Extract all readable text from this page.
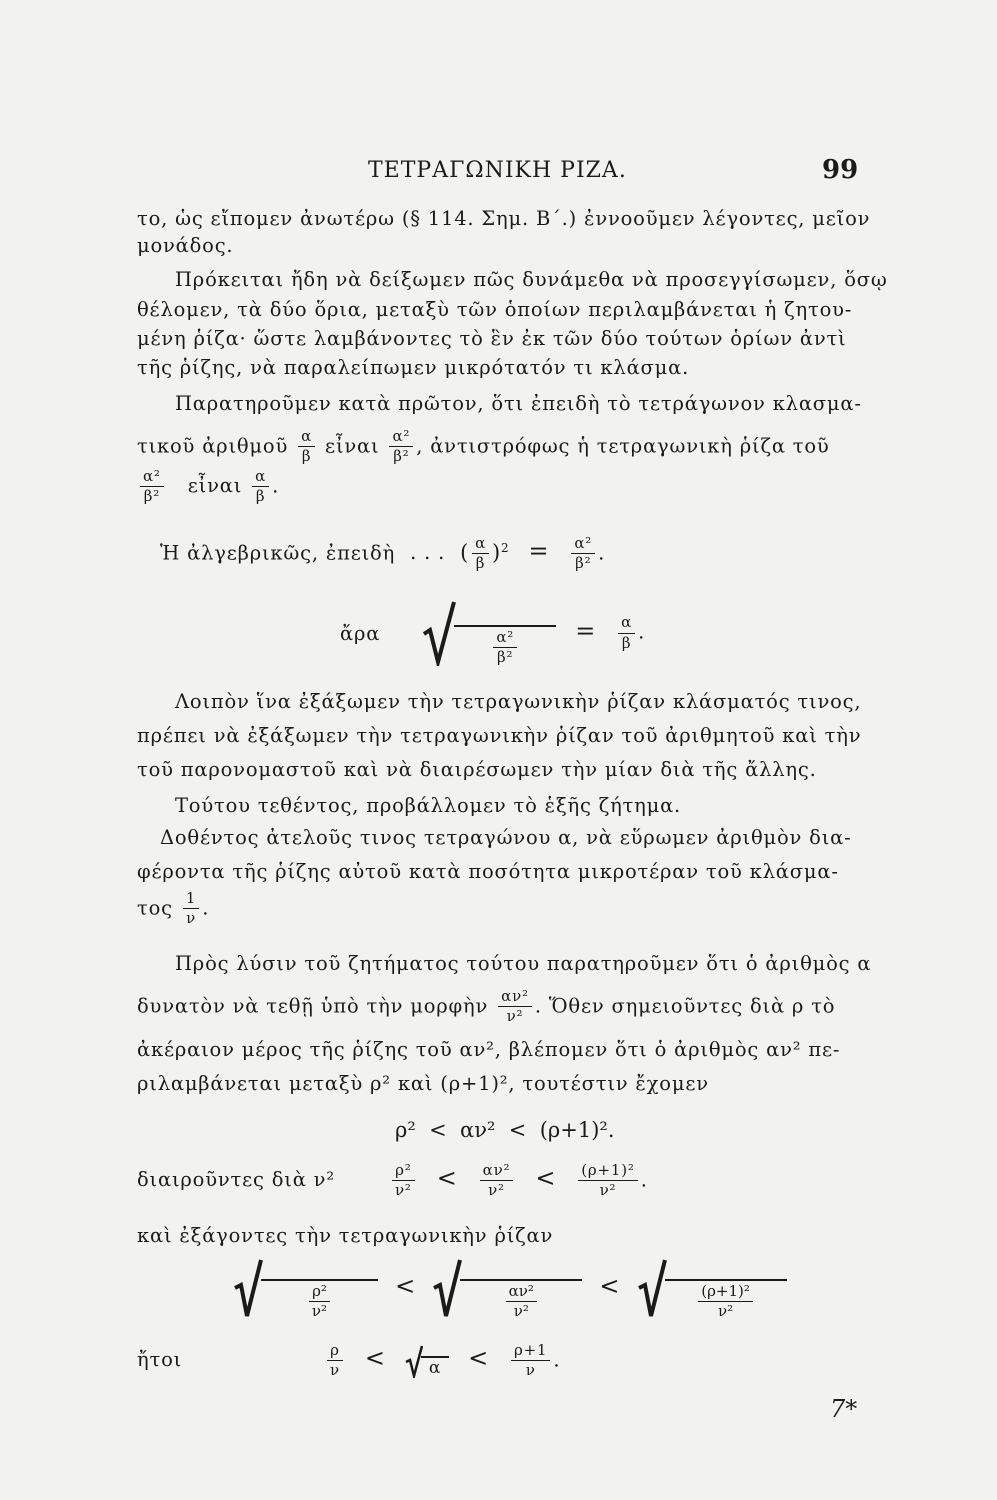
ΤΕΤΡΑΓΩΝΙΚΗ ΡΙΖΑ.	99
το, ὡς εἴπομεν ἀνωτέρω (§ 114. Σημ. Β΄.) ἐννοοῦμεν λέγοντες, μεῖον
μονάδος.
Πρόκειται ἤδη νὰ δείξωμεν πῶς δυνάμεθα νὰ προσεγγίσωμεν, ὅσῳ
θέλομεν, τὰ δύο ὅρια, μεταξὺ τῶν ὁποίων περιλαμβάνεται ἡ ζητου-
μένη ῥίζα· ὥστε λαμβάνοντες τὸ ἓν ἐκ τῶν δύο τούτων ὁρίων ἀντὶ
τῆς ῥίζης, νὰ παραλείπωμεν μικρότατόν τι κλάσμα.
Παρατηροῦμεν κατὰ πρῶτον, ὅτι ἐπειδὴ τὸ τετράγωνον κλασμα-
τικοῦ ἀριθμοῦ $\frac{\alpha}{\beta}$ εἶναι $\frac{\text{α²}}{\text{β²}}$ , ἀντιστρόφως ἡ τετραγωνικὴ ῥίζα τοῦ
$\frac{\text{α²}}{\text{β²}}$ εἶναι $\frac{\alpha}{\beta}$ .
Ἡ ἀλγεβρικῶς, ἐπειδὴ . . . ( $\frac{\alpha}{\beta} )^2 = \frac{\text{α²}}{\text{β²}}$ .
ἄρα	$\frac{\text{α²}}{\text{β²}} = \frac{\alpha}{\beta}$ .
Λοιπὸν ἵνα ἐξάξωμεν τὴν τετραγωνικὴν ῥίζαν κλάσματός τινος,
πρέπει νὰ ἐξάξωμεν τὴν τετραγωνικὴν ῥίζαν τοῦ ἀριθμητοῦ καὶ τὴν
τοῦ παρονομαστοῦ καὶ νὰ διαιρέσωμεν τὴν μίαν διὰ τῆς ἄλλης.
Τούτου τεθέντος, προβάλλομεν τὸ ἑξῆς ζήτημα.
Δοθέντος ἀτελοῦς τινος τετραγώνου α, νὰ εὕρωμεν ἀριθμὸν δια-
φέροντα τῆς ῥίζης αὐτοῦ κατὰ ποσότητα μικροτέραν τοῦ κλάσμα-
τος $\frac{1}{\nu}$ .
Πρὸς λύσιν τοῦ ζητήματος τούτου παρατηροῦμεν ὅτι ὁ ἀριθμὸς α
δυνατὸν νὰ τεθῇ ὑπὸ τὴν μορφὴν $\frac{\text{αν²}}{\text{ν²}}$ . Ὅθεν σημειοῦντες διὰ ρ τὸ
ἀκέραιον μέρος τῆς ῥίζης τοῦ αν², βλέπομεν ὅτι ὁ ἀριθμὸς αν² πε-
ριλαμβάνεται μεταξὺ ρ² καὶ (ρ+1)², τουτέστιν ἔχομεν
ρ²  <  αν²  <  (ρ+1)².
διαιροῦντες διὰ ν²	$\frac{\text{ρ²}}{\text{ν²}} < \frac{\text{αν²}}{\text{ν²}} < \frac{\text{(ρ+1)²}}{\text{ν²}}$ .
καὶ ἐξάγοντες τὴν τετραγωνικὴν ῥίζαν
$\frac{\text{ρ²}}{\text{ν²}}$	<	$\frac{\text{αν²}}{\text{ν²}}$	<	$\frac{\text{(ρ+1)²}}{\text{ν²}}$
ἤτοι	$\frac{\rho}{\nu}$ <	α	< $\frac{\rho+1}{\nu}$ .
7*
